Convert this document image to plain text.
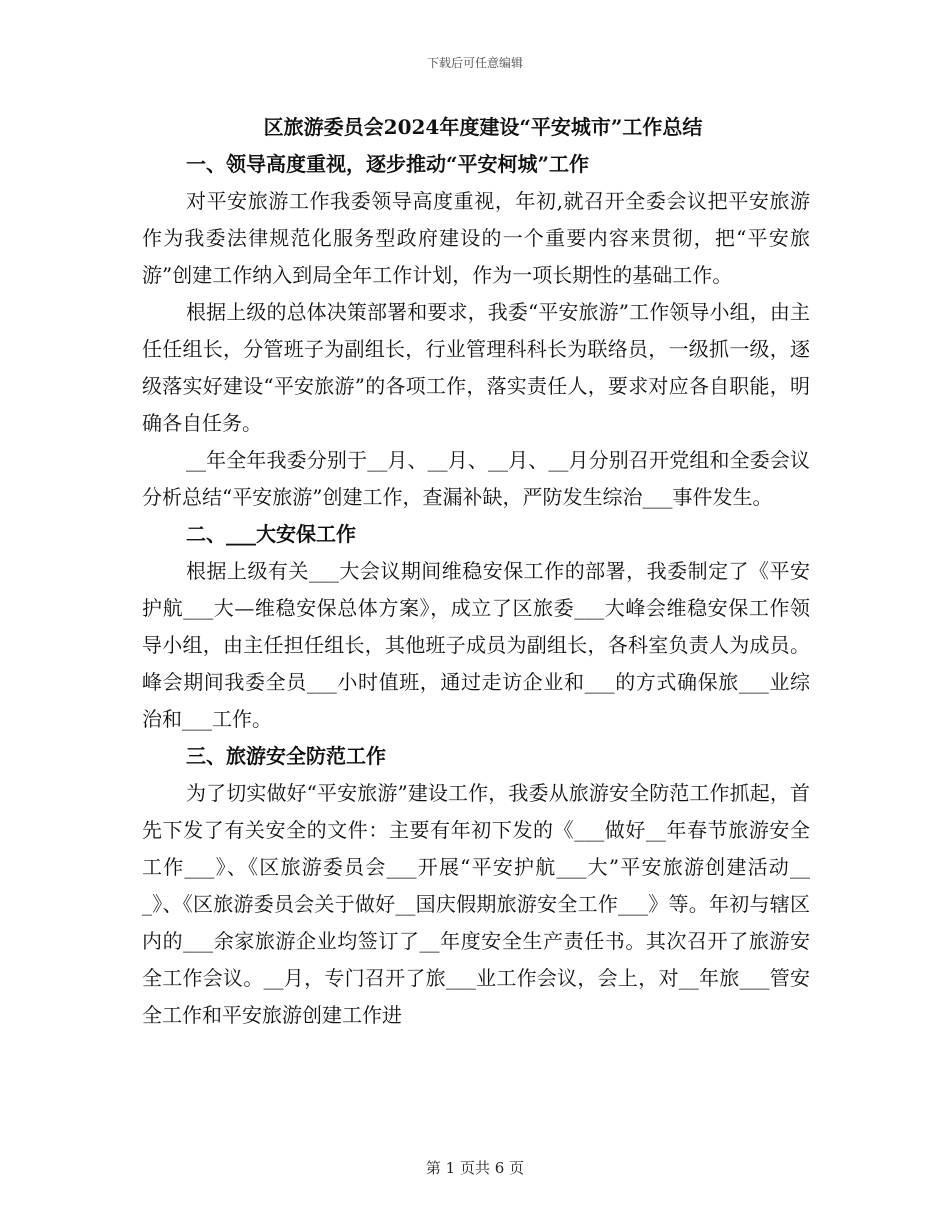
下载后可任意编辑
区旅游委员会2024年度建设“平安城市”工作总结
一、领导高度重视，逐步推动“平安柯城”工作

对平安旅游工作我委领导高度重视，年初,就召开全委会议把平安旅游作为我委法律规范化服务型政府建设的一个重要内容来贯彻，把“平安旅游”创建工作纳入到局全年工作计划，作为一项长期性的基础工作。

根据上级的总体决策部署和要求，我委“平安旅游”工作领导小组，由主任任组长，分管班子为副组长，行业管理科科长为联络员，一级抓一级，逐级落实好建设“平安旅游”的各项工作，落实责任人，要求对应各自职能，明确各自任务。

__年全年我委分别于__月、__月、__月、__月分别召开党组和全委会议分析总结“平安旅游”创建工作，查漏补缺，严防发生综治___事件发生。

二、___大安保工作

根据上级有关___大会议期间维稳安保工作的部署，我委制定了《平安护航___大—维稳安保总体方案》，成立了区旅委___大峰会维稳安保工作领导小组，由主任担任组长，其他班子成员为副组长，各科室负责人为成员。峰会期间我委全员___小时值班，通过走访企业和___的方式确保旅___业综治和___工作。

三、旅游安全防范工作

为了切实做好“平安旅游”建设工作，我委从旅游安全防范工作抓起，首先下发了有关安全的文件：主要有年初下发的《___做好__年春节旅游安全工作___》、《区旅游委员会___开展“平安护航___大”平安旅游创建活动___》、《区旅游委员会关于做好__国庆假期旅游安全工作___》等。年初与辖区内的___余家旅游企业均签订了__年度安全生产责任书。其次召开了旅游安全工作会议。__月，专门召开了旅___业工作会议，会上，对__年旅___管安全工作和平安旅游创建工作进

第 1 页共 6 页
